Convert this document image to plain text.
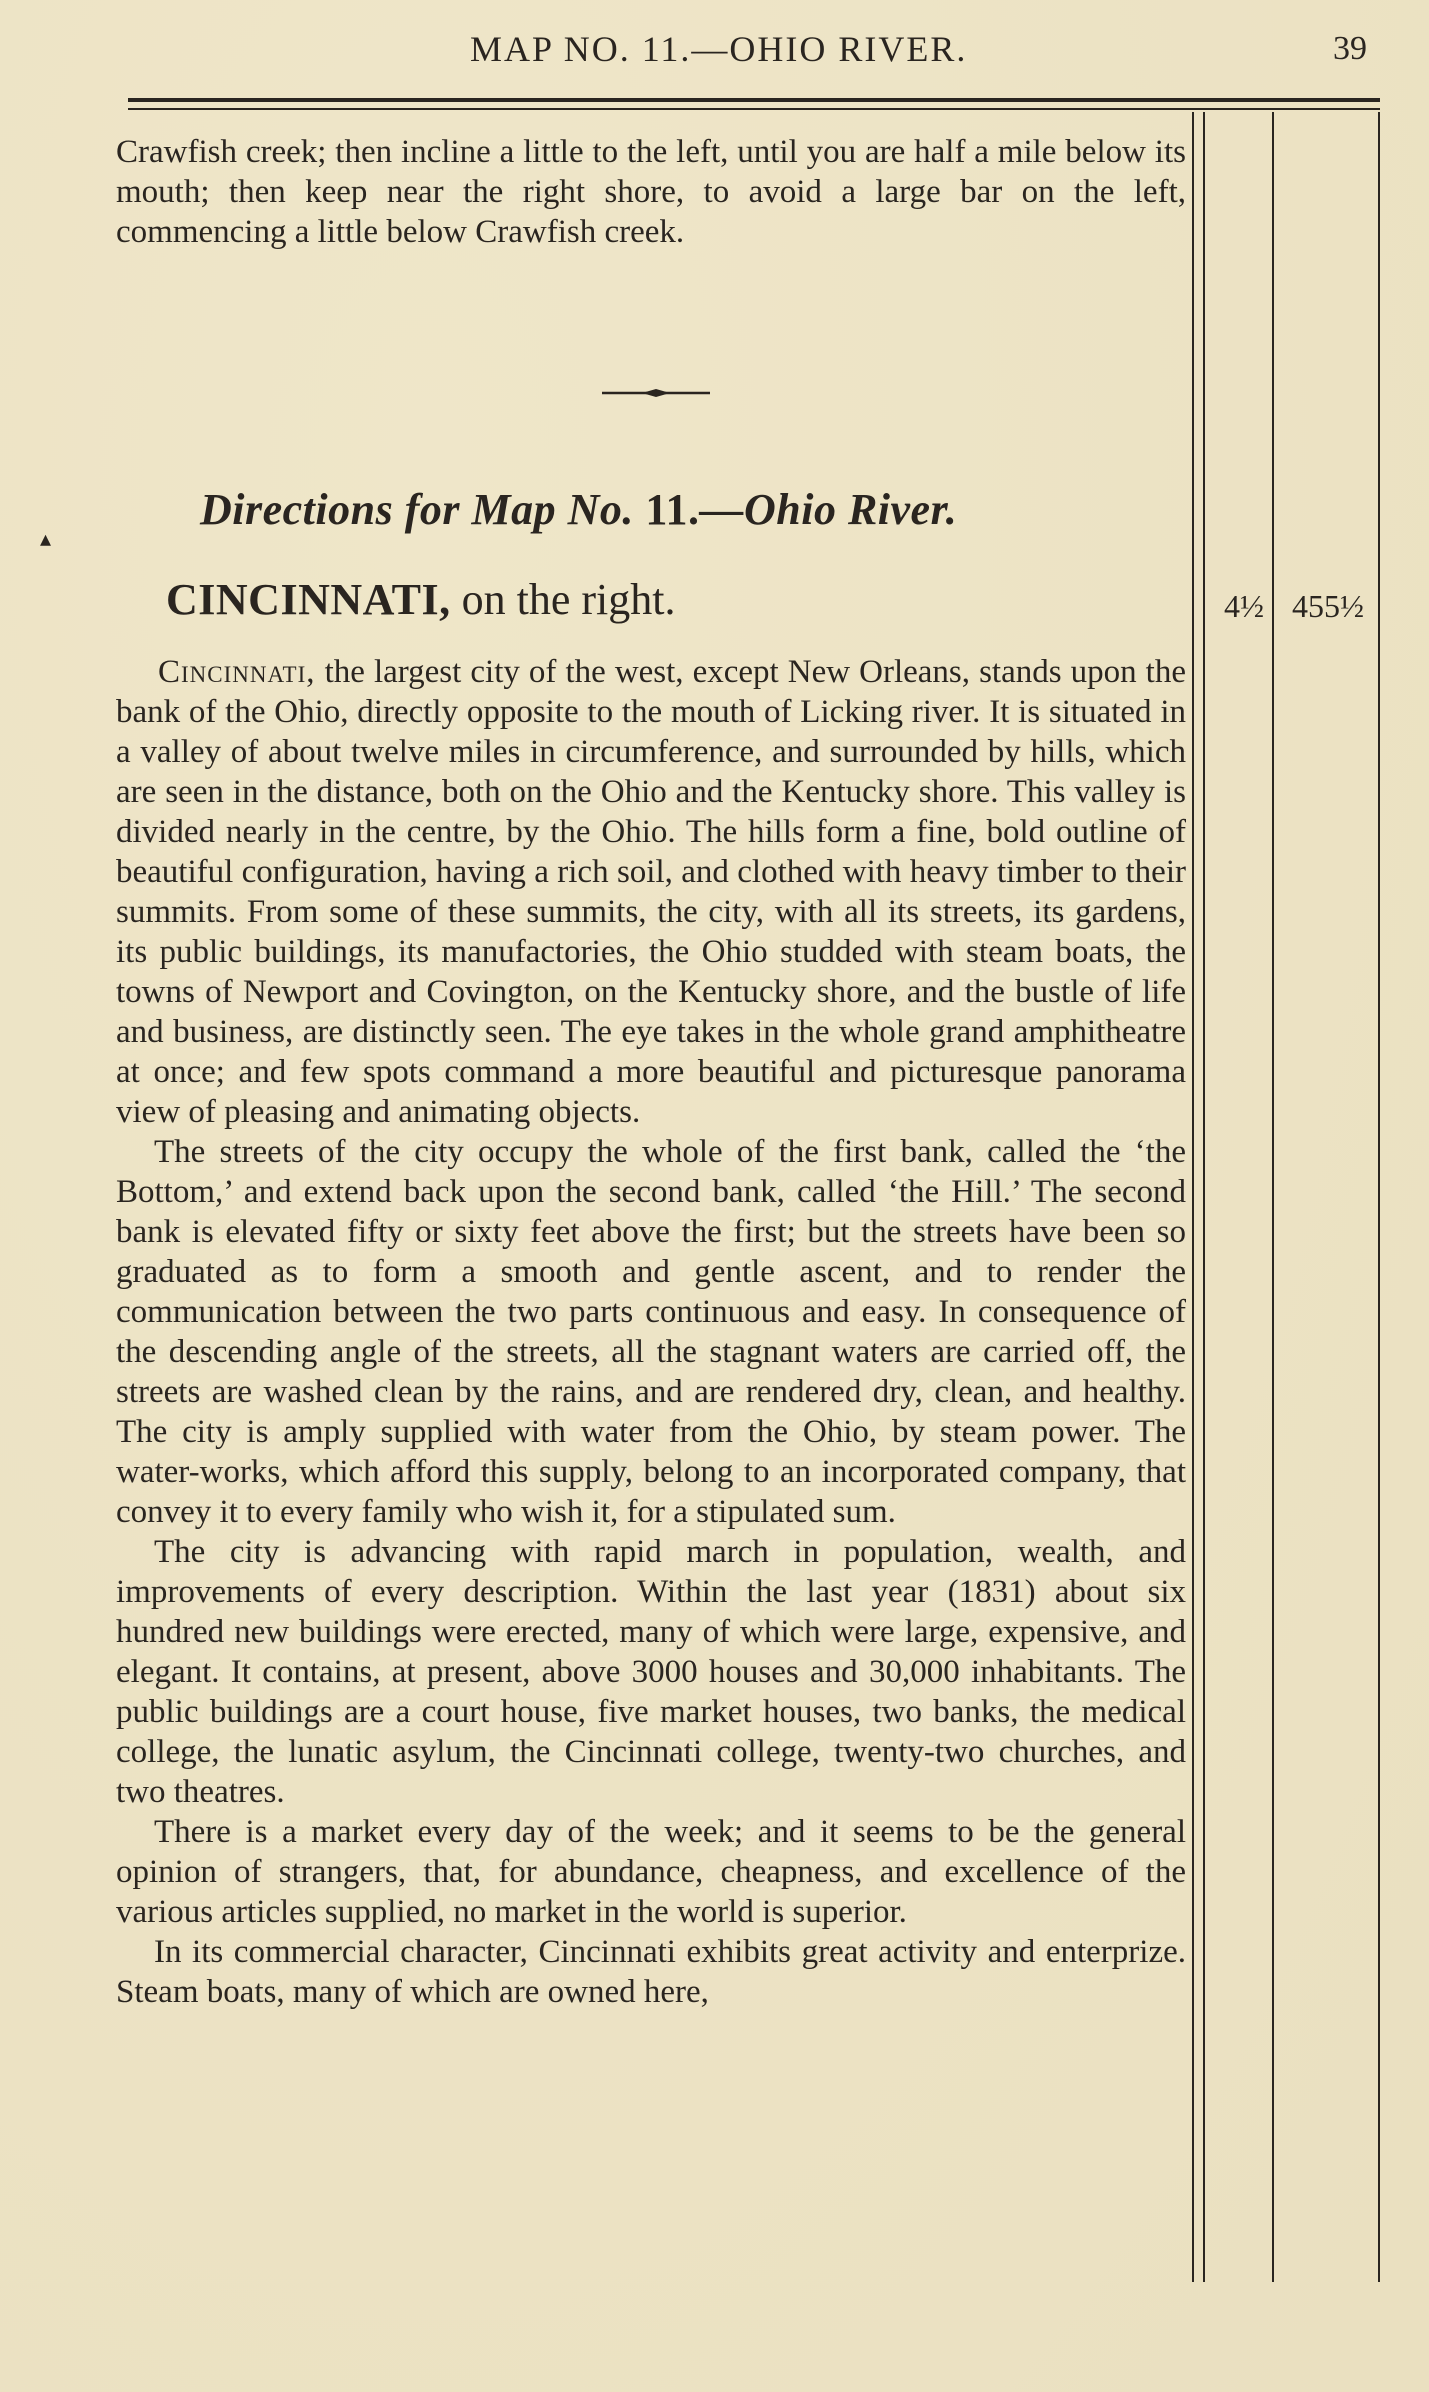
MAP NO. 11.—OHIO RIVER.	39

Crawfish creek; then incline a little to the left, until you are half a mile below its mouth; then keep near the right shore, to avoid a large bar on the left, commencing a little below Crawfish creek.

▴
Directions for Map No. 11.—Ohio River.
CINCINNATI, on the right.	4½ 455½

Cincinnati, the largest city of the west, except New Orleans, stands upon the bank of the Ohio, directly opposite to the mouth of Licking river. It is situated in a valley of about twelve miles in circumference, and surrounded by hills, which are seen in the distance, both on the Ohio and the Kentucky shore. This valley is divided nearly in the centre, by the Ohio. The hills form a fine, bold outline of beautiful configuration, having a rich soil, and clothed with heavy timber to their summits. From some of these summits, the city, with all its streets, its gardens, its public buildings, its manufactories, the Ohio studded with steam boats, the towns of Newport and Covington, on the Kentucky shore, and the bustle of life and business, are distinctly seen. The eye takes in the whole grand amphitheatre at once; and few spots command a more beautiful and picturesque panorama view of pleasing and animating objects.

The streets of the city occupy the whole of the first bank, called the ‘the Bottom,’ and extend back upon the second bank, called ‘the Hill.’ The second bank is elevated fifty or sixty feet above the first; but the streets have been so graduated as to form a smooth and gentle ascent, and to render the communication between the two parts continuous and easy. In consequence of the descending angle of the streets, all the stagnant waters are carried off, the streets are washed clean by the rains, and are rendered dry, clean, and healthy. The city is amply supplied with water from the Ohio, by steam power. The water-works, which afford this supply, belong to an incorporated company, that convey it to every family who wish it, for a stipulated sum.

The city is advancing with rapid march in population, wealth, and improvements of every description. Within the last year (1831) about six hundred new buildings were erected, many of which were large, expensive, and elegant. It contains, at present, above 3000 houses and 30,000 inhabitants. The public buildings are a court house, five market houses, two banks, the medical college, the lunatic asylum, the Cincinnati college, twenty-two churches, and two theatres.

There is a market every day of the week; and it seems to be the general opinion of strangers, that, for abundance, cheapness, and excellence of the various articles supplied, no market in the world is superior.

In its commercial character, Cincinnati exhibits great activity and enterprize. Steam boats, many of which are owned here,
